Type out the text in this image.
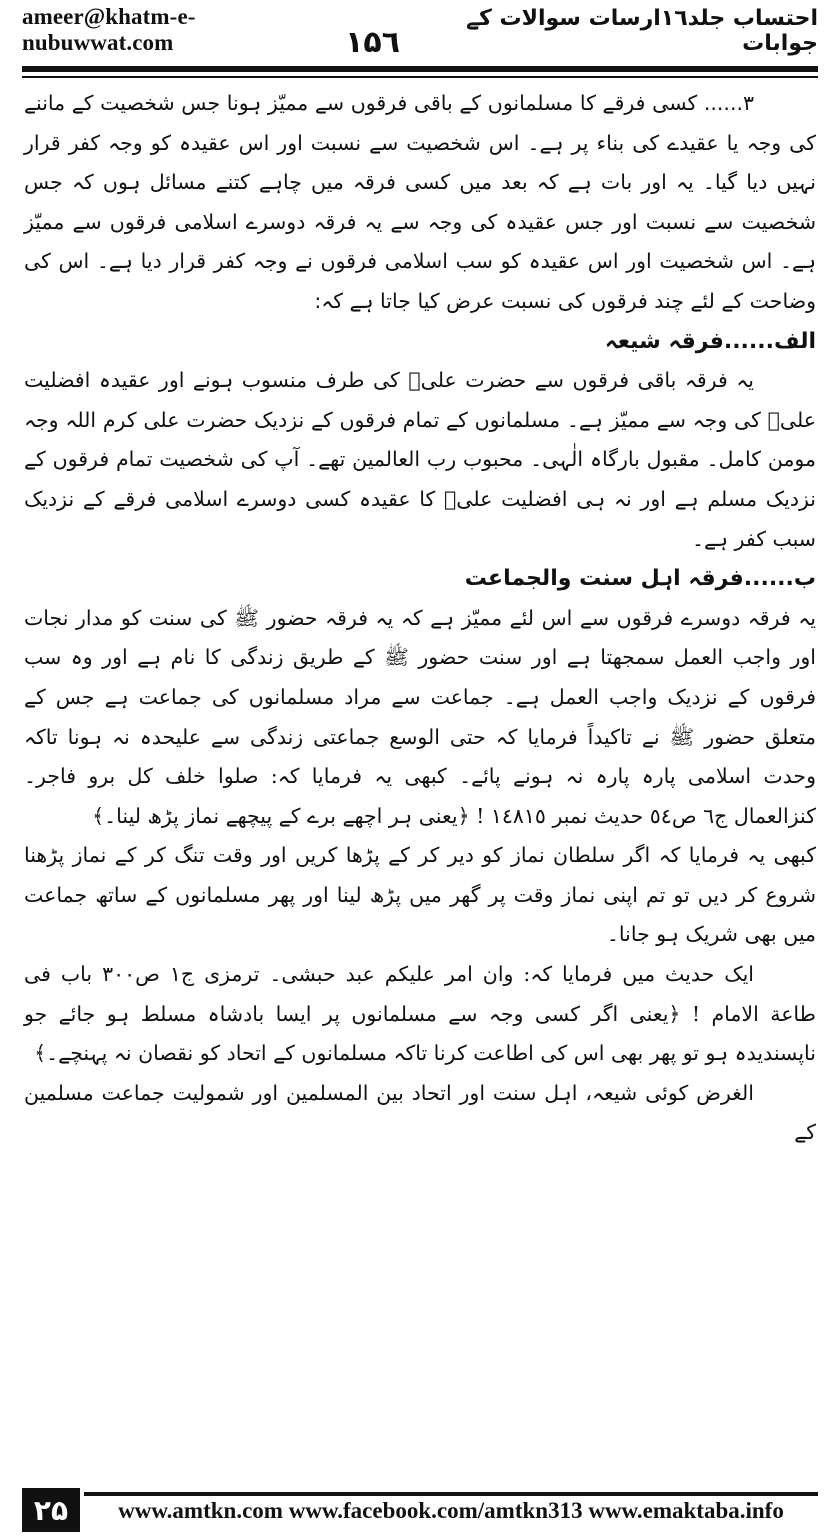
ameer@khatm-e-nubuwwat.com	۱۵٦
احتساب جلد۱٦ارسات سوالات کے جوابات

۳...... کسی فرقے کا مسلمانوں کے باقی فرقوں سے ممیّز ہونا جس شخصیت کے ماننے کی وجہ یا عقیدے کی بناء پر ہے۔ اس شخصیت سے نسبت اور اس عقیدہ کو وجہ کفر قرار نہیں دیا گیا۔ یہ اور بات ہے کہ بعد میں کسی فرقہ میں چاہے کتنے مسائل ہوں کہ جس شخصیت سے نسبت اور جس عقیدہ کی وجہ سے یہ فرقہ دوسرے اسلامی فرقوں سے ممیّز ہے۔ اس شخصیت اور اس عقیدہ کو سب اسلامی فرقوں نے وجہ کفر قرار دیا ہے۔ اس کی وضاحت کے لئے چند فرقوں کی نسبت عرض کیا جاتا ہے کہ:

الف......فرقہ شیعہ

یہ فرقہ باقی فرقوں سے حضرت علیؓ کی طرف منسوب ہونے اور عقیدہ افضلیت علیؓ کی وجہ سے ممیّز ہے۔ مسلمانوں کے تمام فرقوں کے نزدیک حضرت علی کرم اللہ وجہ مومن کامل۔ مقبول بارگاہ الٰہی۔ محبوب رب العالمین تھے۔ آپ کی شخصیت تمام فرقوں کے نزدیک مسلم ہے اور نہ ہی افضلیت علیؓ کا عقیدہ کسی دوسرے اسلامی فرقے کے نزدیک سبب کفر ہے۔

ب......فرقہ اہل سنت والجماعت

یہ فرقہ دوسرے فرقوں سے اس لئے ممیّز ہے کہ یہ فرقہ حضور ﷺ کی سنت کو مدار نجات اور واجب العمل سمجھتا ہے اور سنت حضور ﷺ کے طریق زندگی کا نام ہے اور وہ سب فرقوں کے نزدیک واجب العمل ہے۔ جماعت سے مراد مسلمانوں کی جماعت ہے جس کے متعلق حضور ﷺ نے تاکیداً فرمایا کہ حتی الوسع جماعتی زندگی سے علیحدہ نہ ہونا تاکہ وحدت اسلامی پارہ پارہ نہ ہونے پائے۔ کبھی یہ فرمایا کہ: صلوا خلف کل برو فاجر۔ کنزالعمال ج٦ ص٥٤ حدیث نمبر ١٤٨١٥ ! ﴿یعنی ہر اچھے برے کے پیچھے نماز پڑھ لینا۔﴾

کبھی یہ فرمایا کہ اگر سلطان نماز کو دیر کر کے پڑھا کریں اور وقت تنگ کر کے نماز پڑھنا شروع کر دیں تو تم اپنی نماز وقت پر گھر میں پڑھ لینا اور پھر مسلمانوں کے ساتھ جماعت میں بھی شریک ہو جانا۔

ایک حدیث میں فرمایا کہ: وان امر علیکم عبد حبشی۔ ترمزی ج١ ص٣٠٠ باب فی طاعة الامام ! ﴿یعنی اگر کسی وجہ سے مسلمانوں پر ایسا بادشاہ مسلط ہو جائے جو ناپسندیدہ ہو تو پھر بھی اس کی اطاعت کرنا تاکہ مسلمانوں کے اتحاد کو نقصان نہ پہنچے۔﴾

الغرض کوئی شیعہ، اہل سنت اور اتحاد بین المسلمین اور شمولیت جماعت مسلمین کے

۲۵	www.amtkn.com www.facebook.com/amtkn313 www.emaktaba.info
